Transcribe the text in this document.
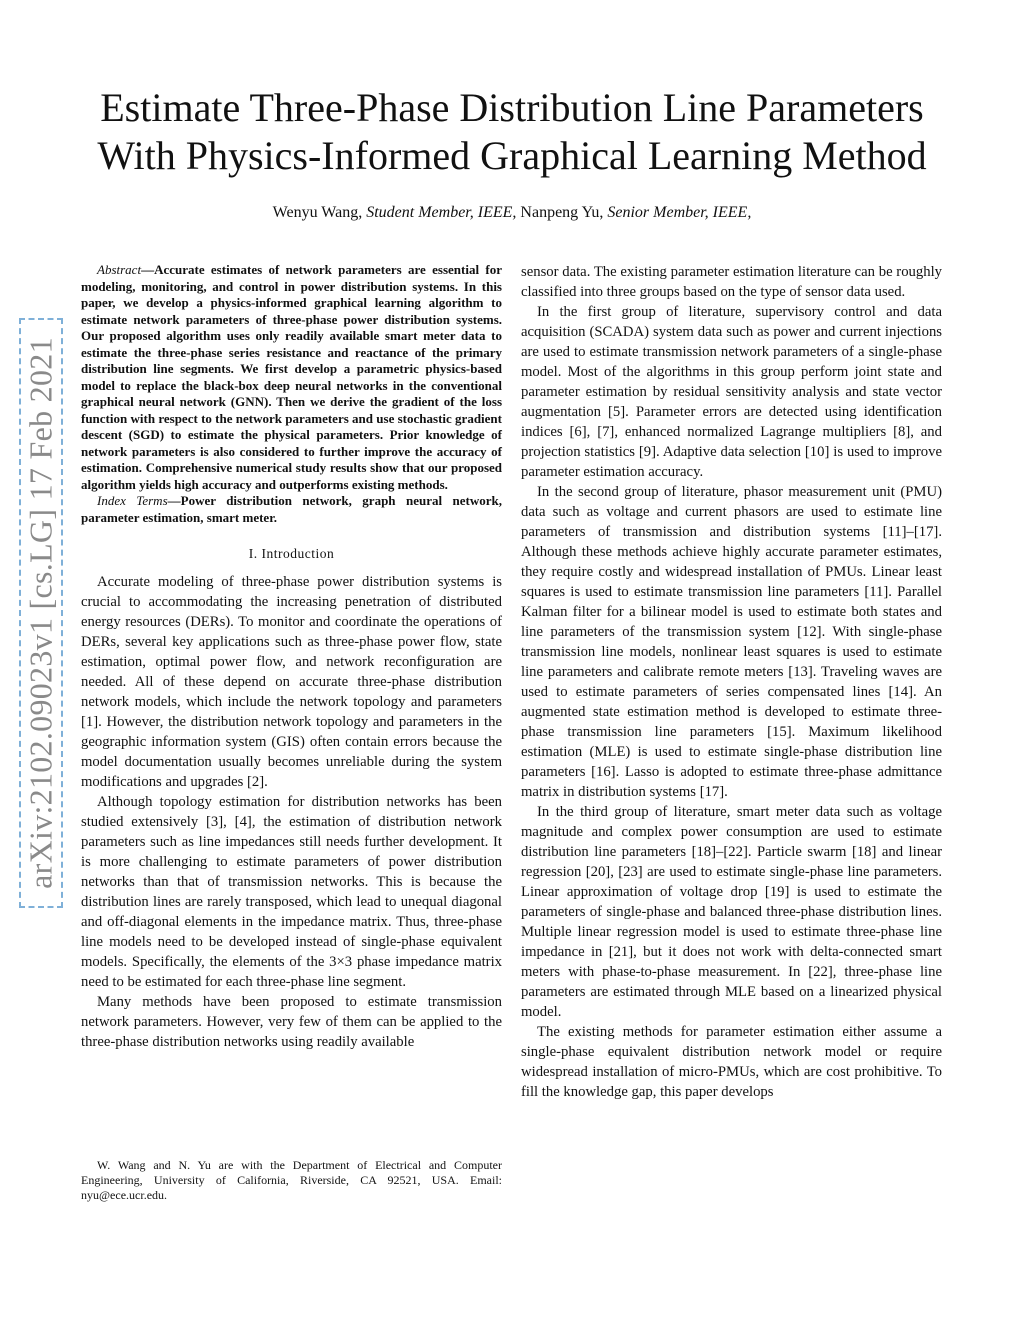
arXiv:2102.09023v1 [cs.LG] 17 Feb 2021
Estimate Three-Phase Distribution Line Parameters
With Physics-Informed Graphical Learning Method
Wenyu Wang, Student Member, IEEE, Nanpeng Yu, Senior Member, IEEE,

Abstract—Accurate estimates of network parameters are essential for modeling, monitoring, and control in power distribution systems. In this paper, we develop a physics-informed graphical learning algorithm to estimate network parameters of three-phase power distribution systems. Our proposed algorithm uses only readily available smart meter data to estimate the three-phase series resistance and reactance of the primary distribution line segments. We first develop a parametric physics-based model to replace the black-box deep neural networks in the conventional graphical neural network (GNN). Then we derive the gradient of the loss function with respect to the network parameters and use stochastic gradient descent (SGD) to estimate the physical parameters. Prior knowledge of network parameters is also considered to further improve the accuracy of estimation. Comprehensive numerical study results show that our proposed algorithm yields high accuracy and outperforms existing methods.

Index Terms—Power distribution network, graph neural network, parameter estimation, smart meter.

I. Introduction

Accurate modeling of three-phase power distribution systems is crucial to accommodating the increasing penetration of distributed energy resources (DERs). To monitor and coordinate the operations of DERs, several key applications such as three-phase power flow, state estimation, optimal power flow, and network reconfiguration are needed. All of these depend on accurate three-phase distribution network models, which include the network topology and parameters [1]. However, the distribution network topology and parameters in the geographic information system (GIS) often contain errors because the model documentation usually becomes unreliable during the system modifications and upgrades [2].

Although topology estimation for distribution networks has been studied extensively [3], [4], the estimation of distribution network parameters such as line impedances still needs further development. It is more challenging to estimate parameters of power distribution networks than that of transmission networks. This is because the distribution lines are rarely transposed, which lead to unequal diagonal and off-diagonal elements in the impedance matrix. Thus, three-phase line models need to be developed instead of single-phase equivalent models. Specifically, the elements of the 3×3 phase impedance matrix need to be estimated for each three-phase line segment.

Many methods have been proposed to estimate transmission network parameters. However, very few of them can be applied to the three-phase distribution networks using readily available

W. Wang and N. Yu are with the Department of Electrical and Computer Engineering, University of California, Riverside, CA 92521, USA. Email: nyu@ece.ucr.edu.

sensor data. The existing parameter estimation literature can be roughly classified into three groups based on the type of sensor data used.

In the first group of literature, supervisory control and data acquisition (SCADA) system data such as power and current injections are used to estimate transmission network parameters of a single-phase model. Most of the algorithms in this group perform joint state and parameter estimation by residual sensitivity analysis and state vector augmentation [5]. Parameter errors are detected using identification indices [6], [7], enhanced normalized Lagrange multipliers [8], and projection statistics [9]. Adaptive data selection [10] is used to improve parameter estimation accuracy.

In the second group of literature, phasor measurement unit (PMU) data such as voltage and current phasors are used to estimate line parameters of transmission and distribution systems [11]–[17]. Although these methods achieve highly accurate parameter estimates, they require costly and widespread installation of PMUs. Linear least squares is used to estimate transmission line parameters [11]. Parallel Kalman filter for a bilinear model is used to estimate both states and line parameters of the transmission system [12]. With single-phase transmission line models, nonlinear least squares is used to estimate line parameters and calibrate remote meters [13]. Traveling waves are used to estimate parameters of series compensated lines [14]. An augmented state estimation method is developed to estimate three-phase transmission line parameters [15]. Maximum likelihood estimation (MLE) is used to estimate single-phase distribution line parameters [16]. Lasso is adopted to estimate three-phase admittance matrix in distribution systems [17].

In the third group of literature, smart meter data such as voltage magnitude and complex power consumption are used to estimate distribution line parameters [18]–[22]. Particle swarm [18] and linear regression [20], [23] are used to estimate single-phase line parameters. Linear approximation of voltage drop [19] is used to estimate the parameters of single-phase and balanced three-phase distribution lines. Multiple linear regression model is used to estimate three-phase line impedance in [21], but it does not work with delta-connected smart meters with phase-to-phase measurement. In [22], three-phase line parameters are estimated through MLE based on a linearized physical model.

The existing methods for parameter estimation either assume a single-phase equivalent distribution network model or require widespread installation of micro-PMUs, which are cost prohibitive. To fill the knowledge gap, this paper develops
